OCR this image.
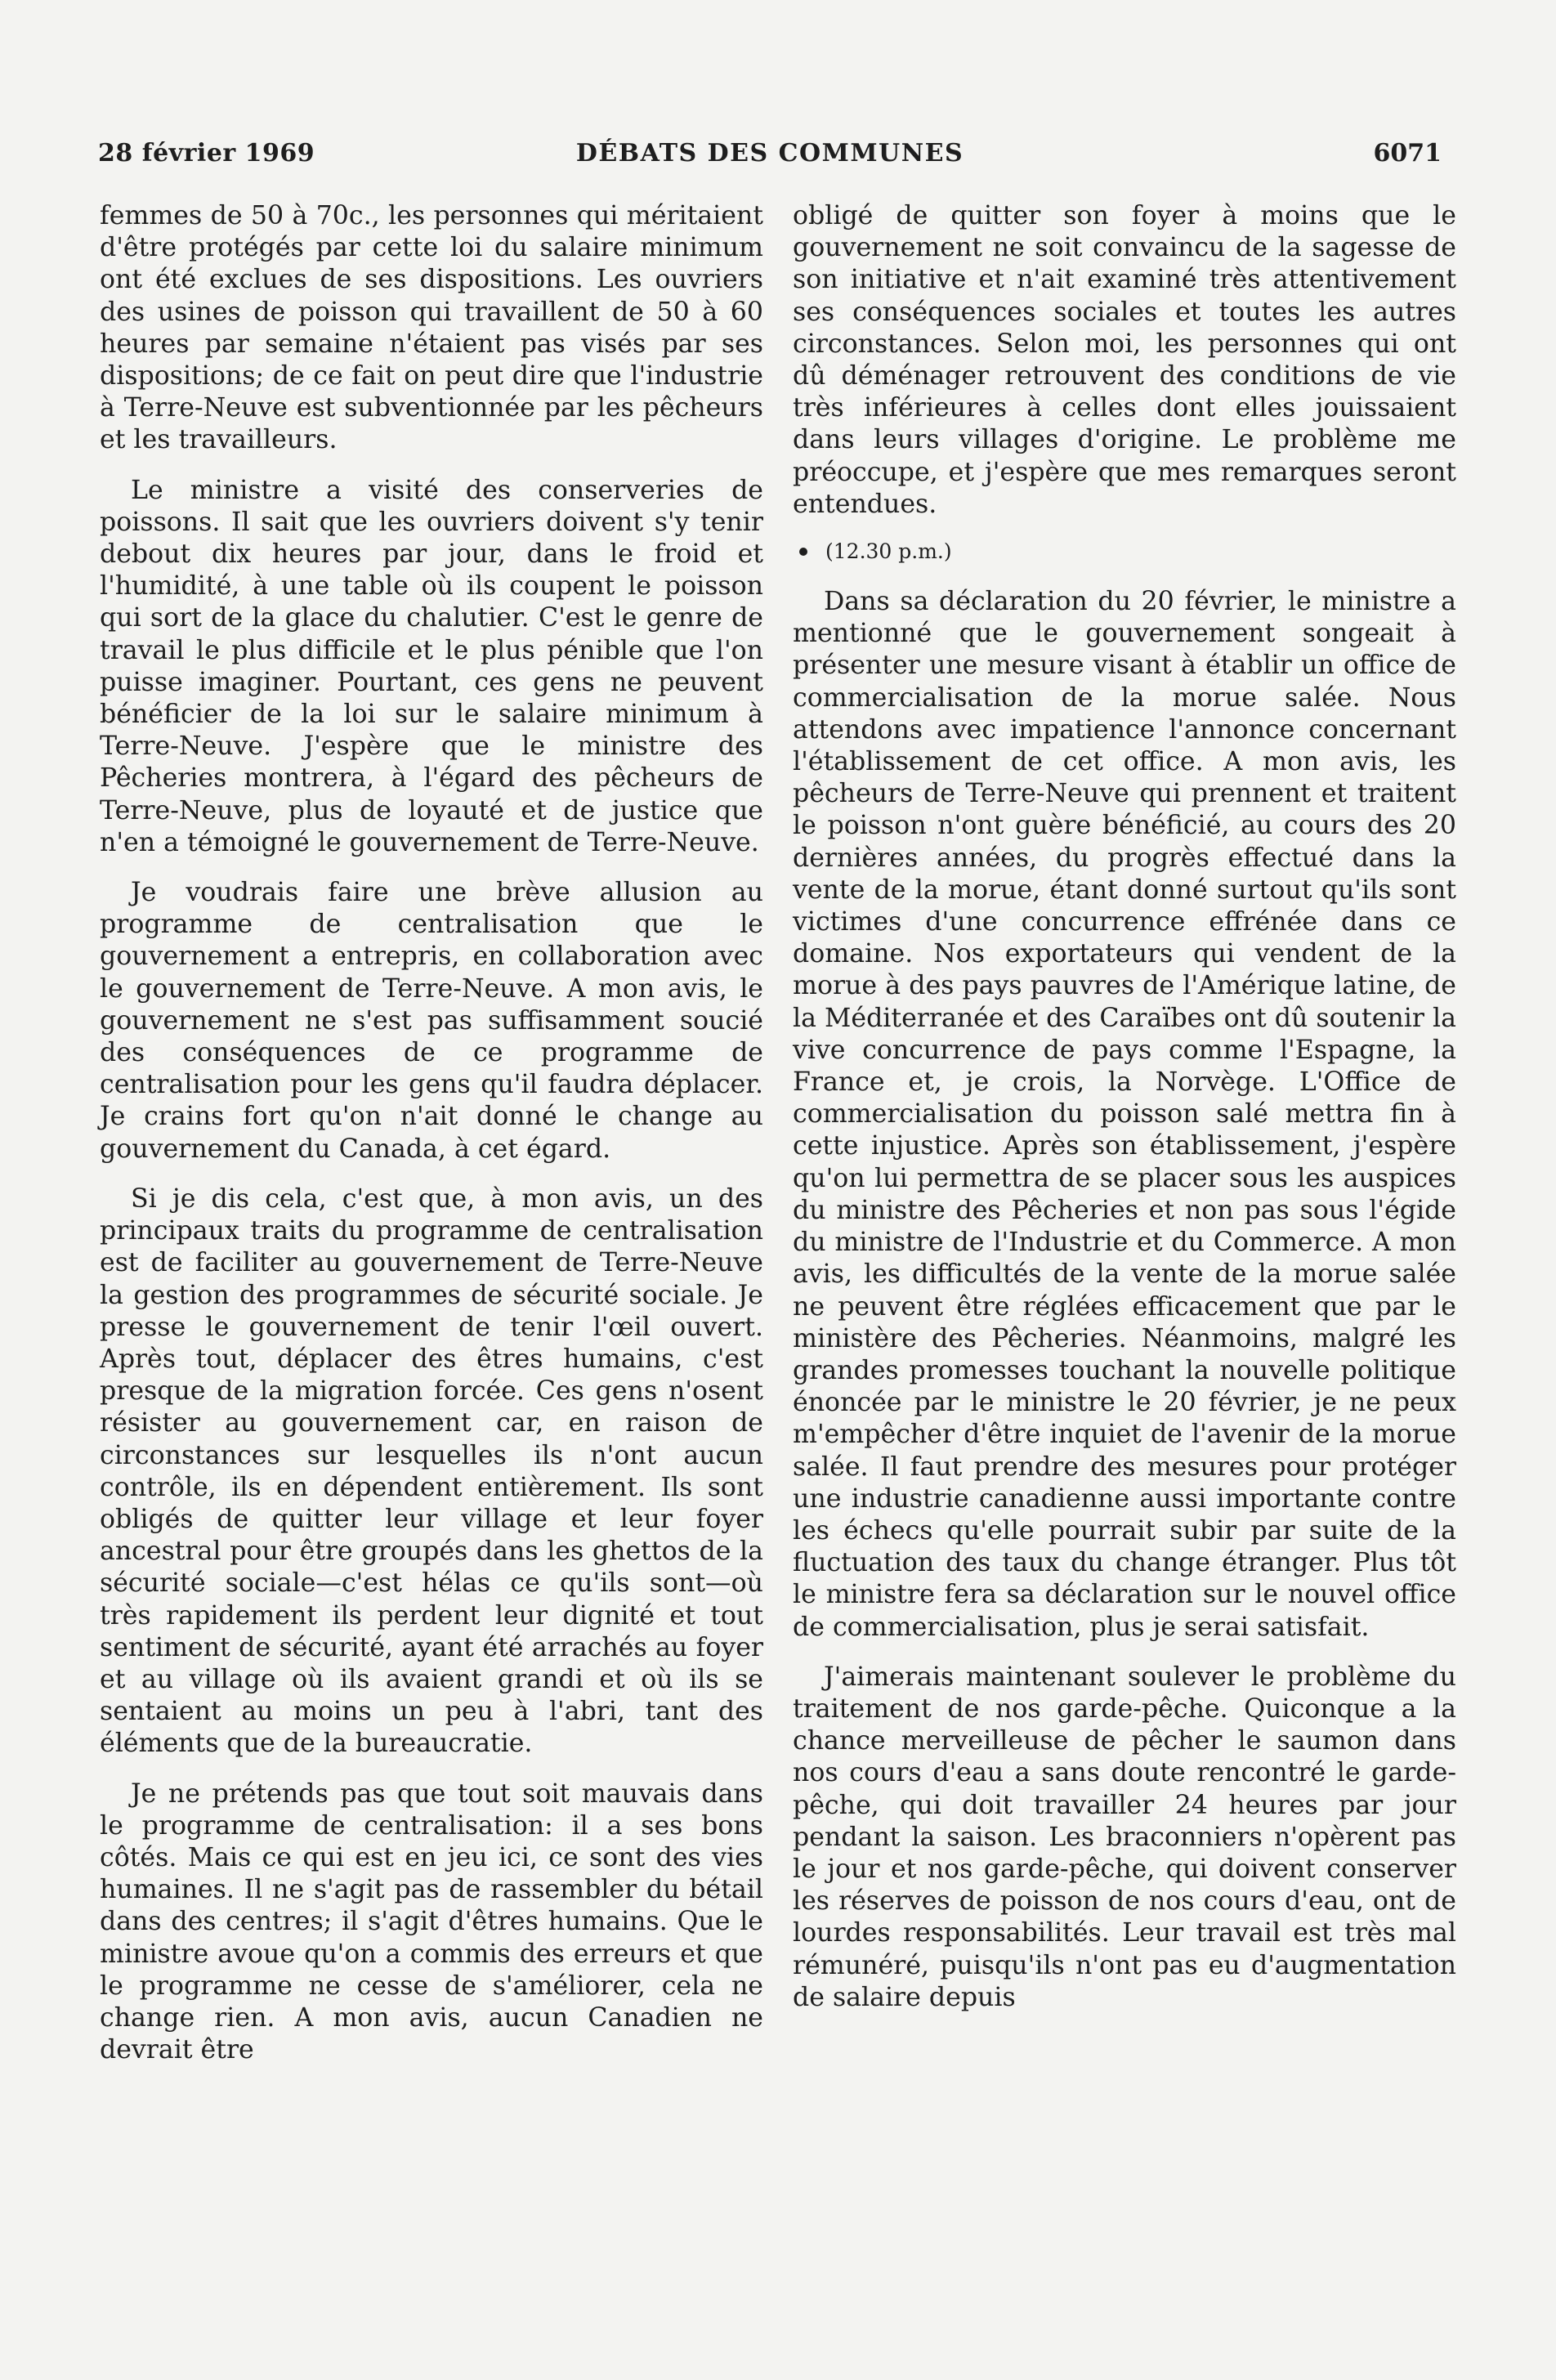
28 février 1969	DÉBATS DES COMMUNES	6071

femmes de 50 à 70c., les personnes qui méritaient d'être protégés par cette loi du salaire minimum ont été exclues de ses dispositions. Les ouvriers des usines de poisson qui travaillent de 50 à 60 heures par semaine n'étaient pas visés par ses dispositions; de ce fait on peut dire que l'industrie à Terre-Neuve est subventionnée par les pêcheurs et les travailleurs.

Le ministre a visité des conserveries de poissons. Il sait que les ouvriers doivent s'y tenir debout dix heures par jour, dans le froid et l'humidité, à une table où ils coupent le poisson qui sort de la glace du chalutier. C'est le genre de travail le plus difficile et le plus pénible que l'on puisse imaginer. Pourtant, ces gens ne peuvent bénéficier de la loi sur le salaire minimum à Terre-Neuve. J'espère que le ministre des Pêcheries montrera, à l'égard des pêcheurs de Terre-Neuve, plus de loyauté et de justice que n'en a témoigné le gouvernement de Terre-Neuve.

Je voudrais faire une brève allusion au programme de centralisation que le gouvernement a entrepris, en collaboration avec le gouvernement de Terre-Neuve. A mon avis, le gouvernement ne s'est pas suffisamment soucié des conséquences de ce programme de centralisation pour les gens qu'il faudra déplacer. Je crains fort qu'on n'ait donné le change au gouvernement du Canada, à cet égard.

Si je dis cela, c'est que, à mon avis, un des principaux traits du programme de centralisation est de faciliter au gouvernement de Terre-Neuve la gestion des programmes de sécurité sociale. Je presse le gouvernement de tenir l'œil ouvert. Après tout, déplacer des êtres humains, c'est presque de la migration forcée. Ces gens n'osent résister au gouvernement car, en raison de circonstances sur lesquelles ils n'ont aucun contrôle, ils en dépendent entièrement. Ils sont obligés de quitter leur village et leur foyer ancestral pour être groupés dans les ghettos de la sécurité sociale—c'est hélas ce qu'ils sont—où très rapidement ils perdent leur dignité et tout sentiment de sécurité, ayant été arrachés au foyer et au village où ils avaient grandi et où ils se sentaient au moins un peu à l'abri, tant des éléments que de la bureaucratie.

Je ne prétends pas que tout soit mauvais dans le programme de centralisation: il a ses bons côtés. Mais ce qui est en jeu ici, ce sont des vies humaines. Il ne s'agit pas de rassembler du bétail dans des centres; il s'agit d'êtres humains. Que le ministre avoue qu'on a commis des erreurs et que le programme ne cesse de s'améliorer, cela ne change rien. A mon avis, aucun Canadien ne devrait être

obligé de quitter son foyer à moins que le gouvernement ne soit convaincu de la sagesse de son initiative et n'ait examiné très attentivement ses conséquences sociales et toutes les autres circonstances. Selon moi, les personnes qui ont dû déménager retrouvent des conditions de vie très inférieures à celles dont elles jouissaient dans leurs villages d'origine. Le problème me préoccupe, et j'espère que mes remarques seront entendues.

(12.30 p.m.)

Dans sa déclaration du 20 février, le ministre a mentionné que le gouvernement songeait à présenter une mesure visant à établir un office de commercialisation de la morue salée. Nous attendons avec impatience l'annonce concernant l'établissement de cet office. A mon avis, les pêcheurs de Terre-Neuve qui prennent et traitent le poisson n'ont guère bénéficié, au cours des 20 dernières années, du progrès effectué dans la vente de la morue, étant donné surtout qu'ils sont victimes d'une concurrence effrénée dans ce domaine. Nos exportateurs qui vendent de la morue à des pays pauvres de l'Amérique latine, de la Méditerranée et des Caraïbes ont dû soutenir la vive concurrence de pays comme l'Espagne, la France et, je crois, la Norvège. L'Office de commercialisation du poisson salé mettra fin à cette injustice. Après son établissement, j'espère qu'on lui permettra de se placer sous les auspices du ministre des Pêcheries et non pas sous l'égide du ministre de l'Industrie et du Commerce. A mon avis, les difficultés de la vente de la morue salée ne peuvent être réglées efficacement que par le ministère des Pêcheries. Néanmoins, malgré les grandes promesses touchant la nouvelle politique énoncée par le ministre le 20 février, je ne peux m'empêcher d'être inquiet de l'avenir de la morue salée. Il faut prendre des mesures pour protéger une industrie canadienne aussi importante contre les échecs qu'elle pourrait subir par suite de la fluctuation des taux du change étranger. Plus tôt le ministre fera sa déclaration sur le nouvel office de commercialisation, plus je serai satisfait.

J'aimerais maintenant soulever le problème du traitement de nos garde-pêche. Quiconque a la chance merveilleuse de pêcher le saumon dans nos cours d'eau a sans doute rencontré le garde-pêche, qui doit travailler 24 heures par jour pendant la saison. Les braconniers n'opèrent pas le jour et nos garde-pêche, qui doivent conserver les réserves de poisson de nos cours d'eau, ont de lourdes responsabilités. Leur travail est très mal rémunéré, puisqu'ils n'ont pas eu d'augmentation de salaire depuis
